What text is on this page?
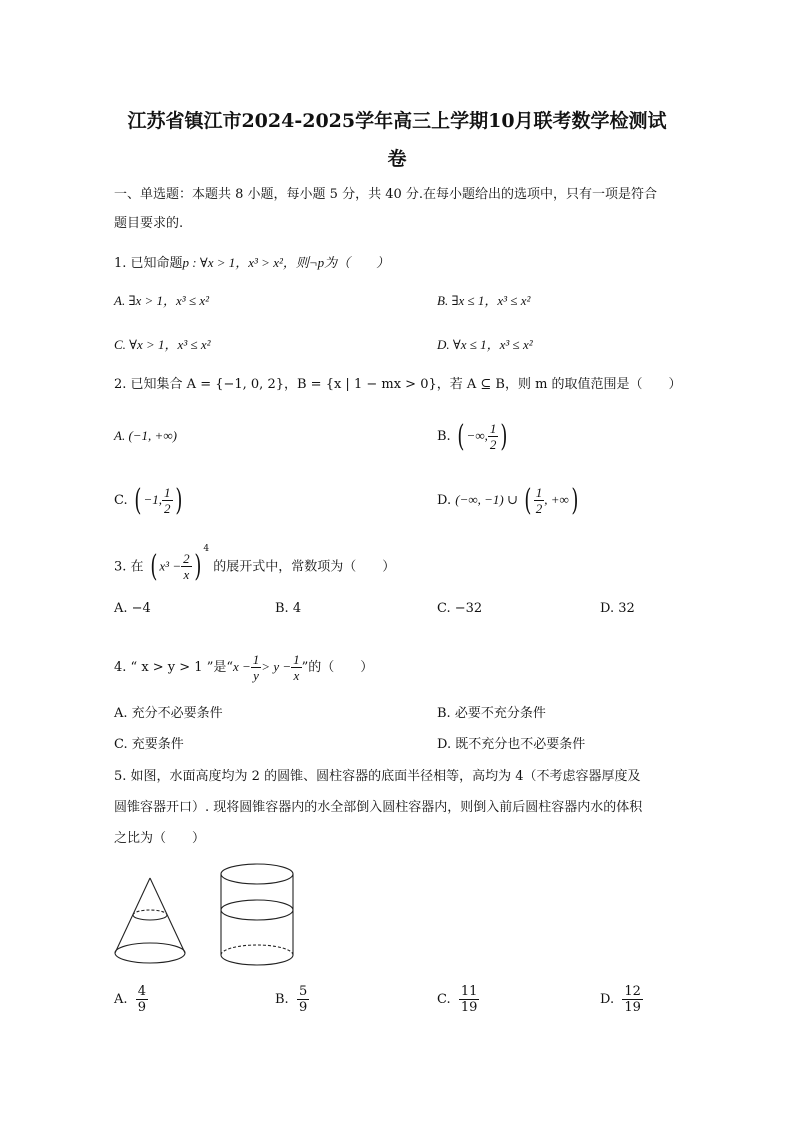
江苏省镇江市2024-2025学年高三上学期10月联考数学检测试
卷
一、单选题：本题共 8 小题，每小题 5 分，共 40 分.在每小题给出的选项中，只有一项是符合
题目要求的.
1. 已知命题p : ∀x > 1，x³ > x²，则¬p为（　　）
A. ∃x > 1，x³ ≤ x²	B. ∃x ≤ 1，x³ ≤ x²
C. ∀x > 1，x³ ≤ x²	D. ∀x ≤ 1，x³ ≤ x²
2. 已知集合 A = {−1, 0, 2}，B = {x | 1 − mx > 0}，若 A ⊆ B，则 m 的取值范围是（　　）
A. (−1, +∞)	B. ( −∞, $\frac{1}{2}$ )
C. ( −1, $\frac{1}{2}$ )	D. (−∞, −1) ∪ ( $\frac{1}{2}$ , +∞)
3. 在 ( $x^3 - \frac{2}{x}$ ) $^4$ 的展开式中，常数项为（　　）
A. −4	B. 4	C. −32	D. 32
4. “ x > y > 1 ”是“$x - \frac{1}{y} > y - \frac{1}{x}$ ”的（　　）
A. 充分不必要条件	B. 必要不充分条件
C. 充要条件	D. 既不充分也不必要条件
5. 如图，水面高度均为 2 的圆锥、圆柱容器的底面半径相等，高均为 4（不考虑容器厚度及
圆锥容器开口）. 现将圆锥容器内的水全部倒入圆柱容器内，则倒入前后圆柱容器内水的体积
之比为（　　）
A. $\frac{4}{9}$	B. $\frac{5}{9}$	C. $\frac{11}{19}$	D. $\frac{12}{19}$
